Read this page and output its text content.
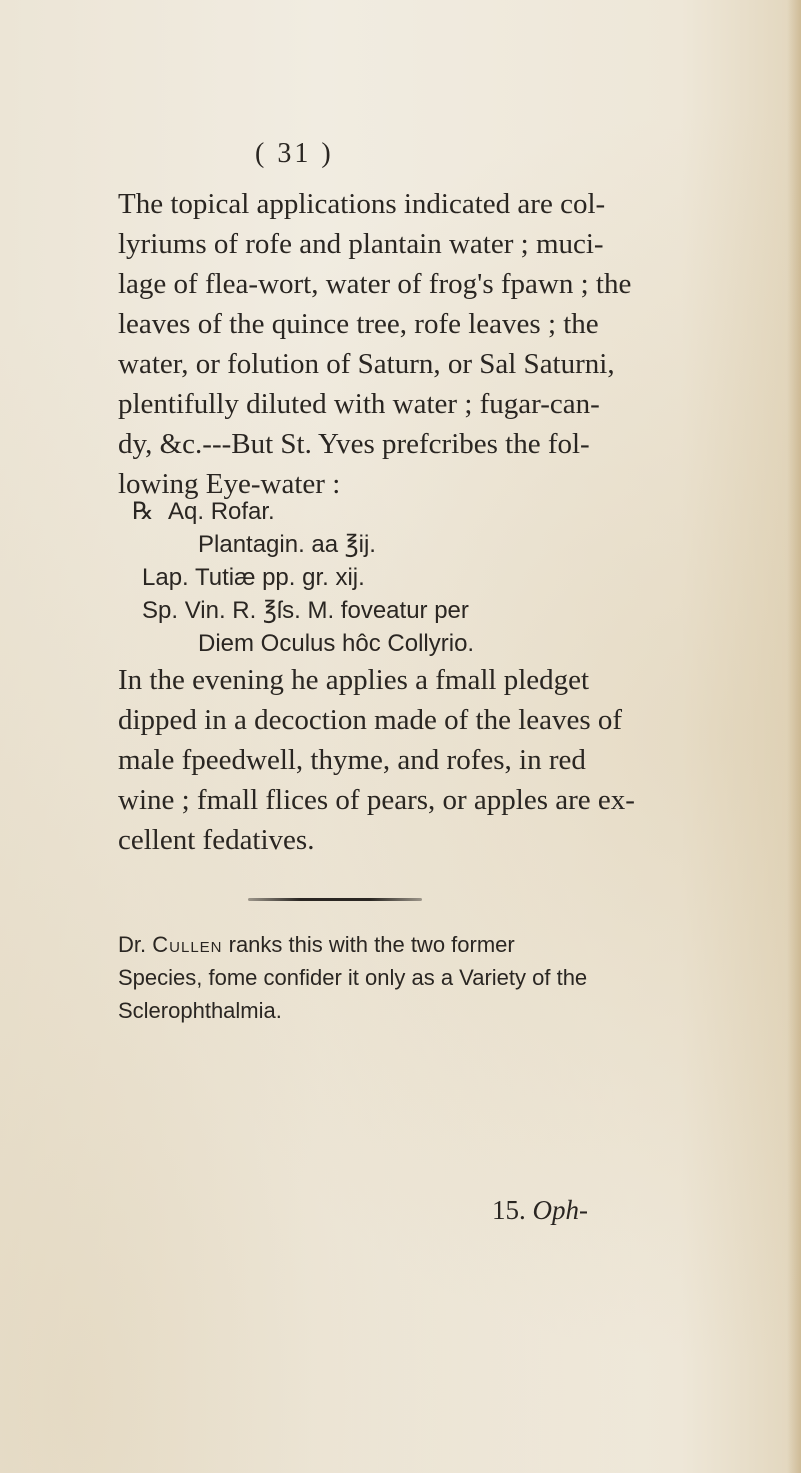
( 31 )
The topical applications indicated are col-
lyriums of rofe and plantain water ; muci-
lage of flea-wort, water of frog's fpawn ; the
leaves of the quince tree, rofe leaves ; the
water, or folution of Saturn, or Sal Saturni,
plentifully diluted with water ; fugar-can-
dy, &c.---But St. Yves prefcribes the fol-
lowing Eye-water :
℞ Aq. Rofar.
Plantagin. aa ℥ij.
Lap. Tutiæ pp. gr. xij.
Sp. Vin. R. ℥ſs. M. foveatur per
Diem Oculus hôc Collyrio.
In the evening he applies a fmall pledget
dipped in a decoction made of the leaves of
male fpeedwell, thyme, and rofes, in red
wine ; fmall flices of pears, or apples are ex-
cellent fedatives.
Dr. Cullen ranks this with the two former
Species, fome confider it only as a Variety of the
Sclerophthalmia.
15. Oph-
